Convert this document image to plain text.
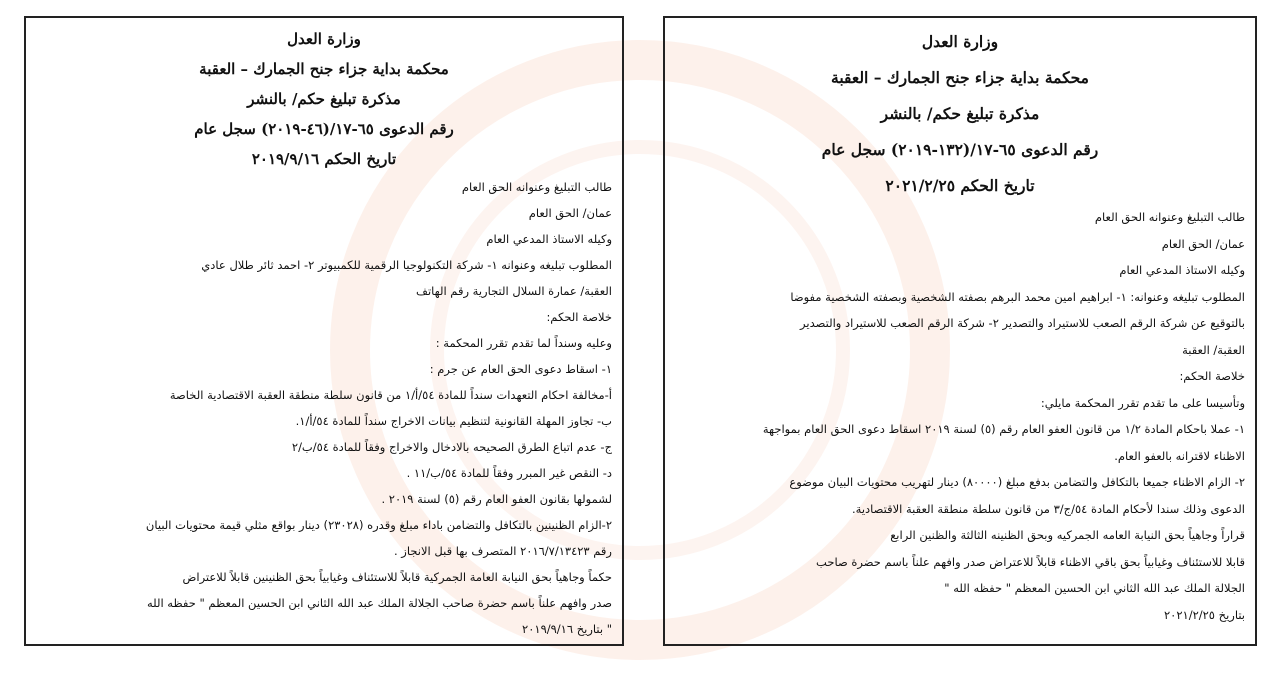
وزارة العدل
محكمة بداية جزاء جنح الجمارك – العقبة
مذكرة تبليغ حكم/ بالنشر
رقم الدعوى ٦٥-١٧/(٤٦-٢٠١٩) سجل عام
تاريخ الحكم ٢٠١٩/٩/١٦
طالب التبليغ وعنوانه الحق العام
عمان/ الحق العام
وكيله الاستاذ المدعي العام
المطلوب تبليغه وعنوانه ١- شركة التكنولوجيا الرقمية للكمبيوتر ٢- احمد ثائر طلال عادي
العقبة/ عمارة السلال التجارية رقم الهاتف
خلاصة الحكم:
وعليه وسنداً لما تقدم تقرر المحكمة :
١- اسقاط دعوى الحق العام عن جرم :
أ-مخالفة احكام التعهدات سنداً للمادة ٥٤/أ/١ من قانون سلطة منطقة العقبة الاقتصادية الخاصة
ب- تجاوز المهلة القانونية لتنظيم بيانات الاخراج سنداً للمادة ٥٤/أ/١.
ج- عدم اتباع الطرق الصحيحه بالادخال والاخراج وفقاً للمادة ٥٤/ب/٢
د- النقص غير المبرر وفقاً للمادة ٥٤/ب/١١ .
لشمولها بقانون العفو العام رقم (٥) لسنة ٢٠١٩ .
٢-الزام الظنينين بالتكافل والتضامن باداء مبلغ وقدره (٢٣٠٢٨) دينار بواقع مثلي قيمة محتويات البيان
رقم ٢٠١٦/٧/١٣٤٢٣ المتصرف بها قبل الانجاز .
حكماً وجاهياً بحق النيابة العامة الجمركية قابلاً للاستئناف وغيابياً بحق الظنينين قابلاً للاعتراض
صدر وافهم علناً باسم حضرة صاحب الجلالة الملك عبد الله الثاني ابن الحسين المعظم " حفظه الله
" بتاريخ ٢٠١٩/٩/١٦
وزارة العدل
محكمة بداية جزاء جنح الجمارك – العقبة
مذكرة تبليغ حكم/ بالنشر
رقم الدعوى ٦٥-١٧/(١٣٢-٢٠١٩) سجل عام
تاريخ الحكم ٢٠٢١/٢/٢٥
طالب التبليغ وعنوانه الحق العام
عمان/ الحق العام
وكيله الاستاذ المدعي العام
المطلوب تبليغه وعنوانه: ١- ابراهيم امين محمد البرهم بصفته الشخصية وبصفته الشخصية مفوضا
بالتوقيع عن شركة الرقم الصعب للاستيراد والتصدير ٢- شركة الرقم الصعب للاستيراد والتصدير
العقبة/ العقبة
خلاصة الحكم:
وتأسيسا على ما تقدم تقرر المحكمة مايلي:
١- عملا باحكام المادة ١/٢ من قانون العفو العام رقم (٥) لسنة ٢٠١٩ اسقاط دعوى الحق العام بمواجهة
الاظناء لاقترانه بالعفو العام.
٢- الزام الاظناء جميعا بالتكافل والتضامن بدفع مبلغ (٨٠٠٠٠) دينار لتهريب محتويات البيان موضوع
الدعوى وذلك سندا لأحكام المادة ٥٤/ج/٣ من قانون سلطة منطقة العقبة الاقتصادية.
قراراً وجاهياً بحق النيابة العامه الجمركيه وبحق الظنينه الثالثة والظنين الرابع
قابلا للاستئناف وغيابياً بحق باقي الاظناء قابلاً للاعتراض صدر وافهم علناً باسم حضرة صاحب
الجلالة الملك عبد الله الثاني ابن الحسين المعظم " حفظه الله "
بتاريخ ٢٠٢١/٢/٢٥
